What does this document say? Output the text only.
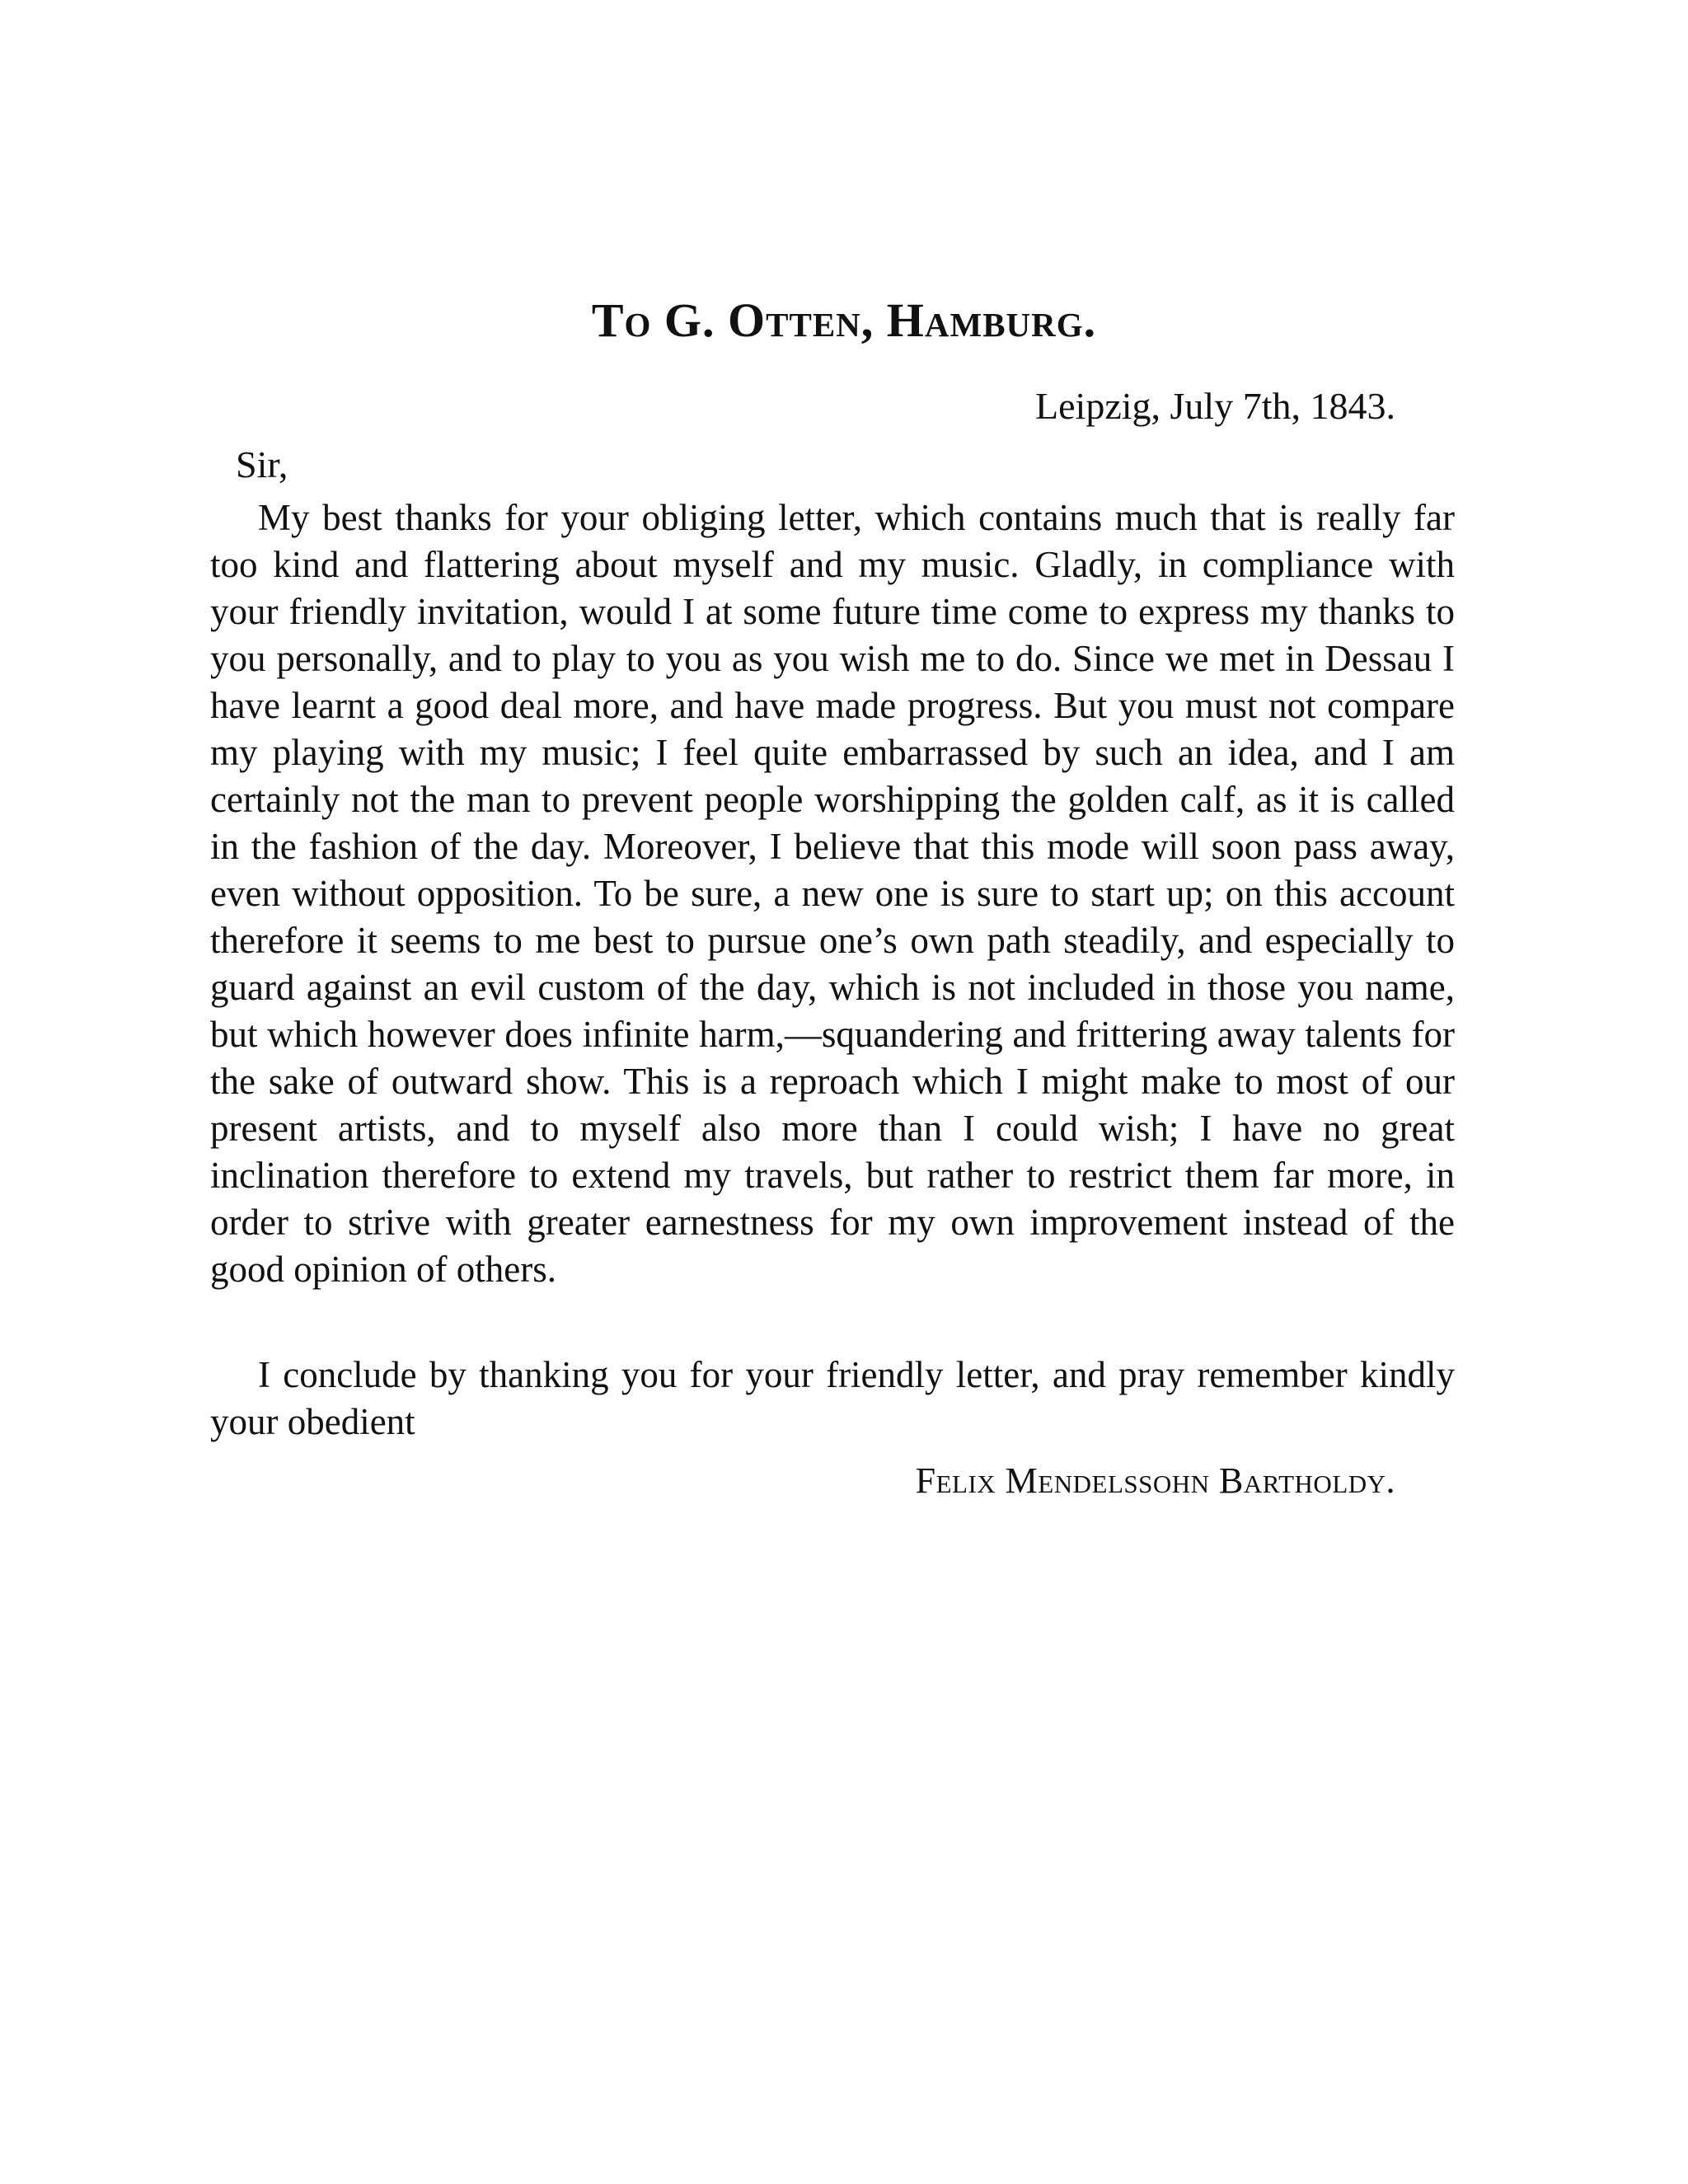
To G. Otten, Hamburg.

Leipzig, July 7th, 1843.

Sir,

My best thanks for your obliging letter, which contains much that is really far too kind and flattering about myself and my music. Gladly, in compliance with your friendly invitation, would I at some future time come to express my thanks to you personally, and to play to you as you wish me to do. Since we met in Dessau I have learnt a good deal more, and have made progress. But you must not compare my playing with my music; I feel quite embarrassed by such an idea, and I am certainly not the man to prevent people worshipping the golden calf, as it is called in the fashion of the day. Moreover, I believe that this mode will soon pass away, even without opposition. To be sure, a new one is sure to start up; on this account therefore it seems to me best to pursue one’s own path steadily, and especially to guard against an evil custom of the day, which is not included in those you name, but which however does infinite harm,—squandering and frittering away talents for the sake of outward show. This is a reproach which I might make to most of our present artists, and to myself also more than I could wish; I have no great inclination therefore to extend my travels, but rather to restrict them far more, in order to strive with greater earnestness for my own improvement instead of the good opinion of others.

I conclude by thanking you for your friendly letter, and pray remember kindly your obedient

Felix Mendelssohn Bartholdy.
